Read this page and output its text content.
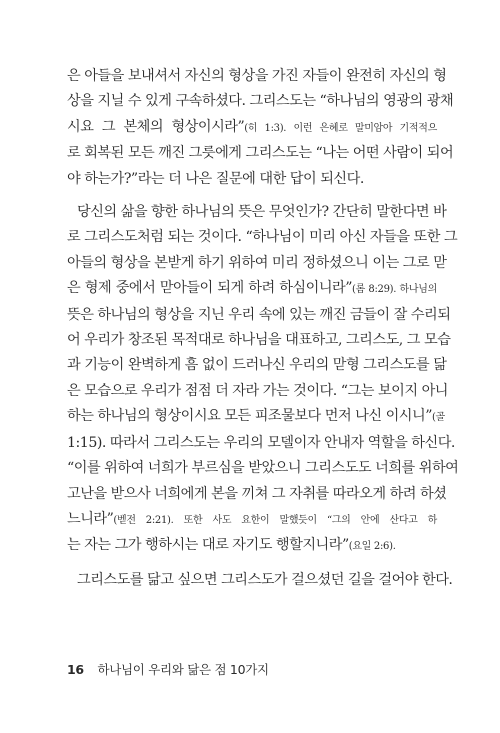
은 아들을 보내셔서 자신의 형상을 가진 자들이 완전히 자신의 형
상을 지닐 수 있게 구속하셨다. 그리스도는 “하나님의 영광의 광채
시요 그 본체의 형상이시라”(히 1:3). 이런 은혜로 말미암아 기적적으
로 회복된 모든 깨진 그릇에게 그리스도는 “나는 어떤 사람이 되어
야 하는가?”라는 더 나은 질문에 대한 답이 되신다.
당신의 삶을 향한 하나님의 뜻은 무엇인가? 간단히 말한다면 바
로 그리스도처럼 되는 것이다. “하나님이 미리 아신 자들을 또한 그
아들의 형상을 본받게 하기 위하여 미리 정하셨으니 이는 그로 맏
은 형제 중에서 맏아들이 되게 하려 하심이니라”(롬 8:29). 하나님의
뜻은 하나님의 형상을 지닌 우리 속에 있는 깨진 금들이 잘 수리되
어 우리가 창조된 목적대로 하나님을 대표하고, 그리스도, 그 모습
과 기능이 완벽하게 흠 없이 드러나신 우리의 맏형 그리스도를 닮
은 모습으로 우리가 점점 더 자라 가는 것이다. “그는 보이지 아니
하는 하나님의 형상이시요 모든 피조물보다 먼저 나신 이시니”(골
1:15). 따라서 그리스도는 우리의 모델이자 안내자 역할을 하신다.
“이를 위하여 너희가 부르심을 받았으니 그리스도도 너희를 위하여
고난을 받으사 너희에게 본을 끼쳐 그 자취를 따라오게 하려 하셨
느니라”(벧전 2:21). 또한 사도 요한이 말했듯이 “그의 안에 산다고 하
는 자는 그가 행하시는 대로 자기도 행할지니라”(요일 2:6).
그리스도를 닮고 싶으면 그리스도가 걸으셨던 길을 걸어야 한다.
16 하나님이 우리와 닮은 점 10가지
